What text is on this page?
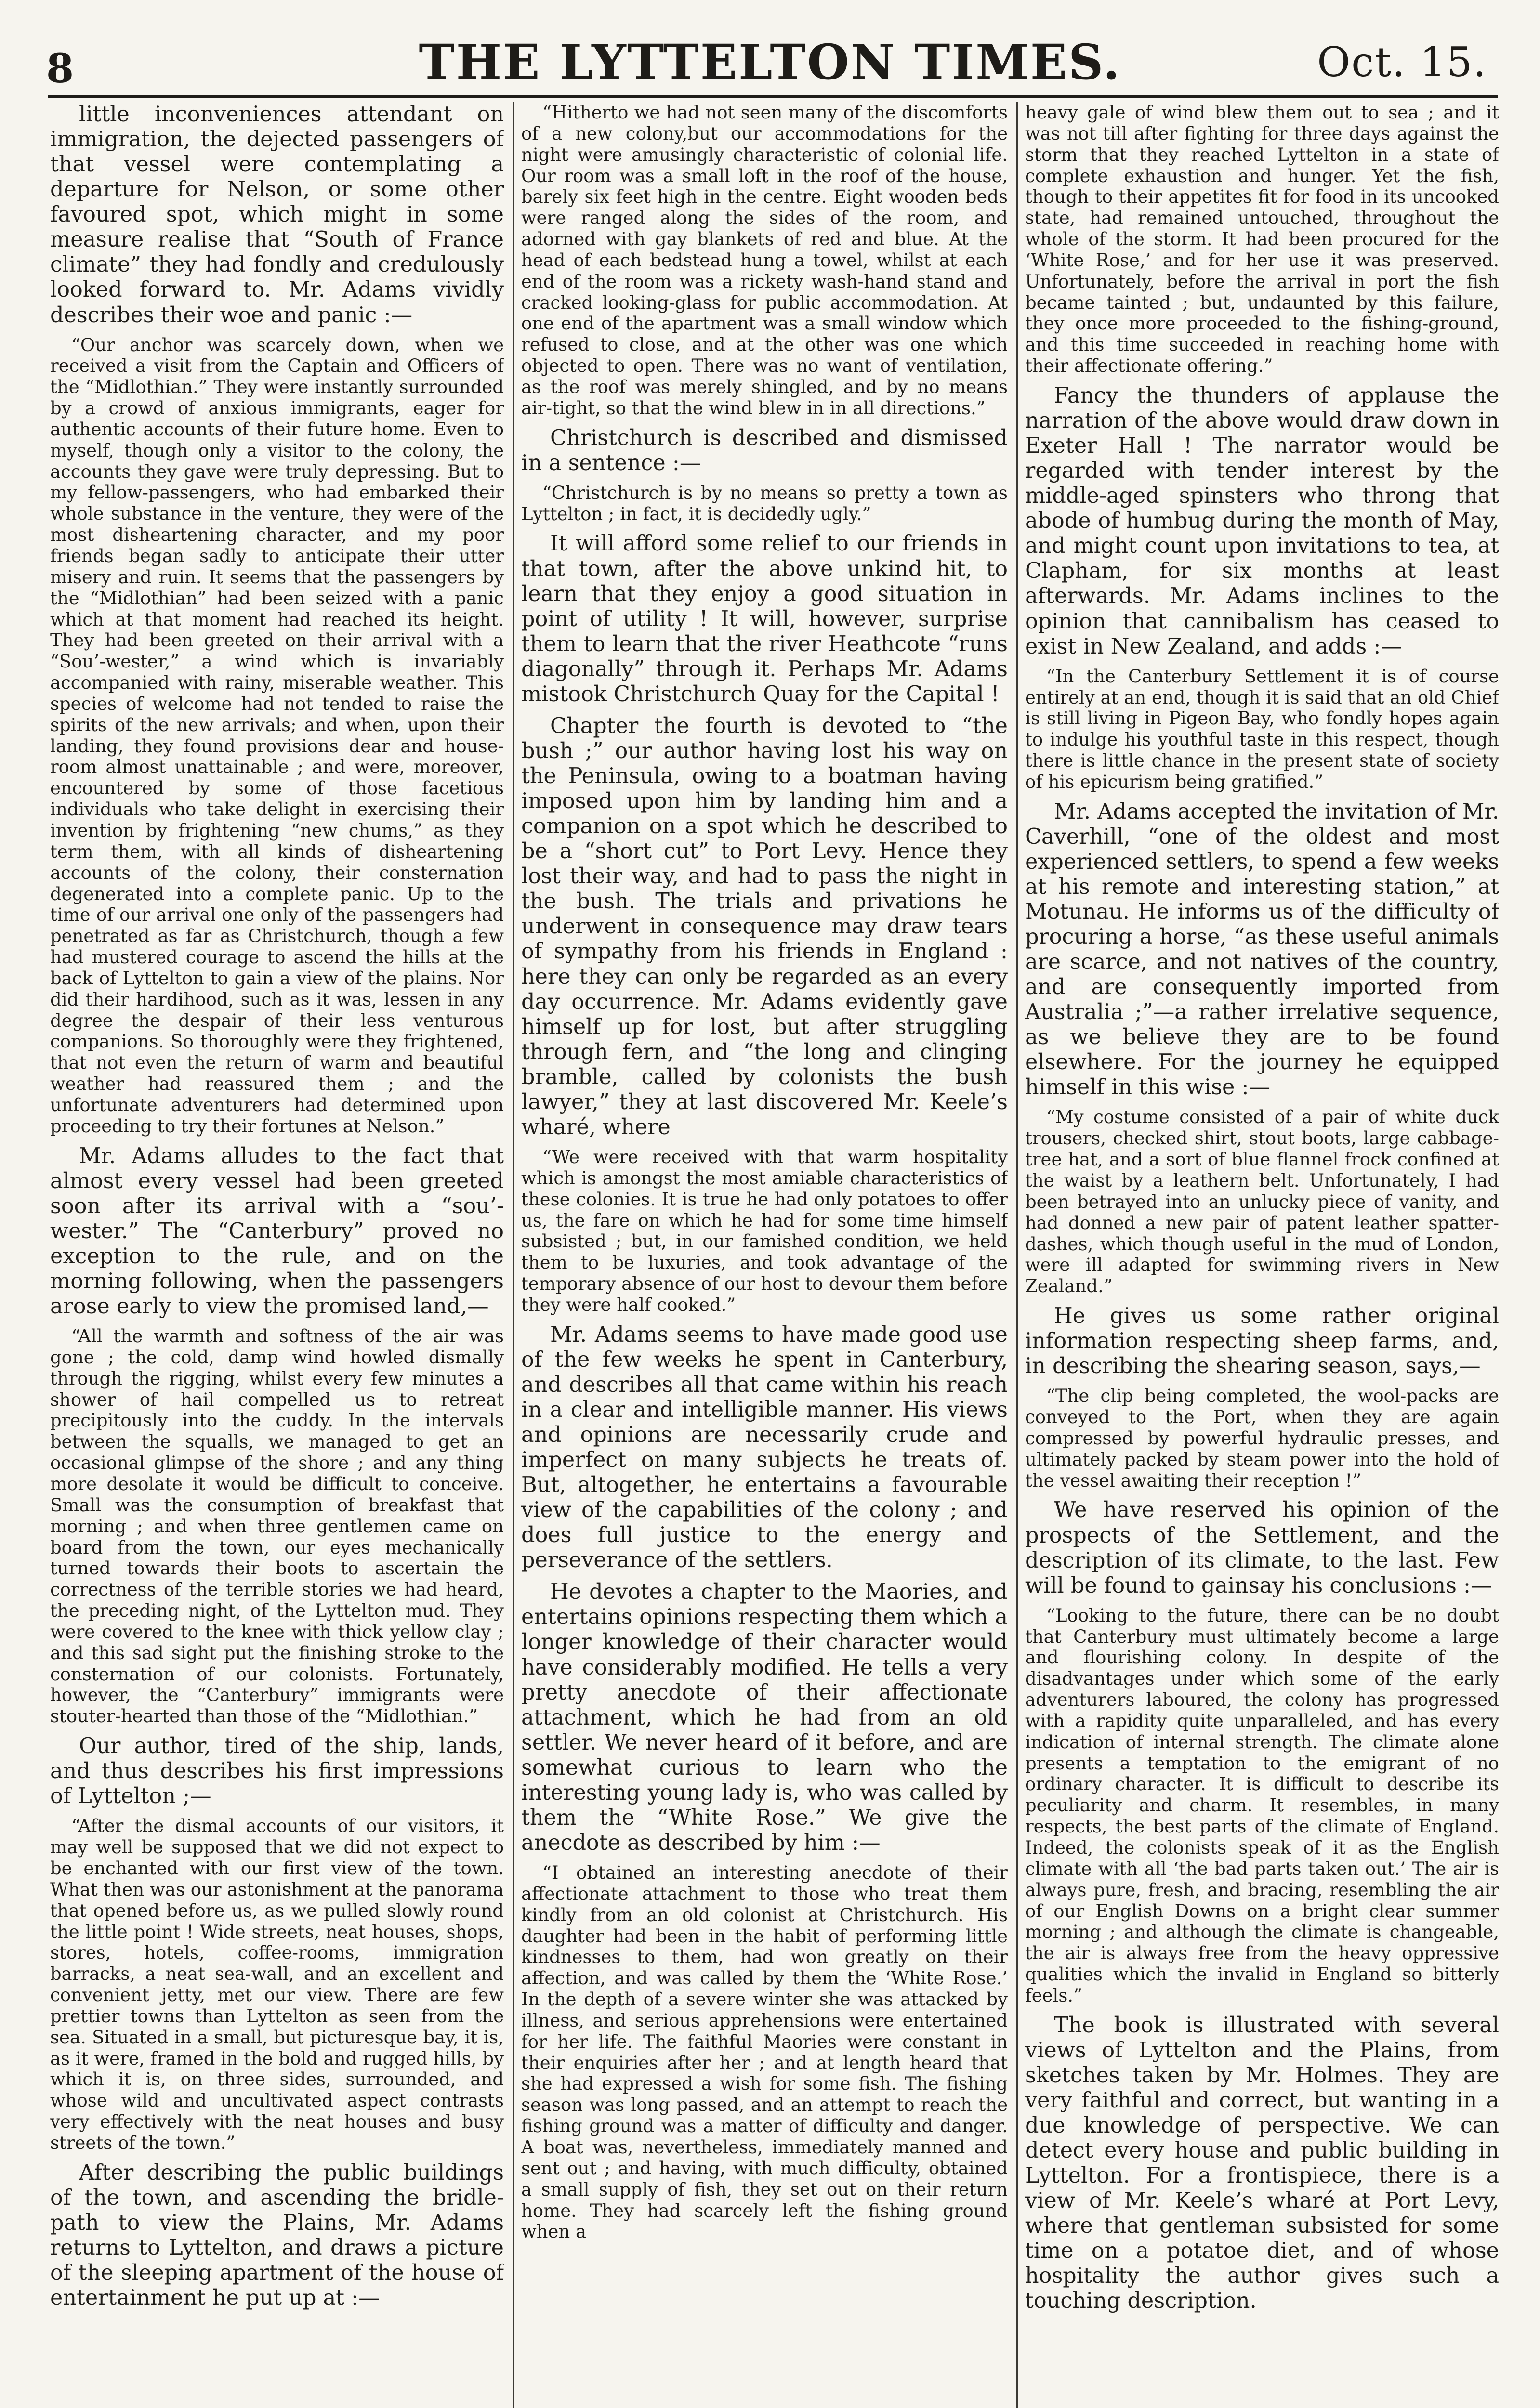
8	THE LYTTELTON TIMES.	Oct. 15.

little inconveniences attendant on immigration, the dejected passengers of that vessel were contemplating a departure for Nelson, or some other favoured spot, which might in some measure realise that “South of France climate” they had fondly and credulously looked forward to. Mr. Adams vividly describes their woe and panic :—

“Our anchor was scarcely down, when we received a visit from the Captain and Officers of the “Midlothian.” They were instantly surrounded by a crowd of anxious immigrants, eager for authentic accounts of their future home. Even to myself, though only a visitor to the colony, the accounts they gave were truly depressing. But to my fellow-passengers, who had embarked their whole substance in the venture, they were of the most disheartening character, and my poor friends began sadly to anticipate their utter misery and ruin. It seems that the passengers by the “Midlothian” had been seized with a panic which at that moment had reached its height. They had been greeted on their arrival with a “Sou’-wester,” a wind which is invariably accompanied with rainy, miserable weather. This species of welcome had not tended to raise the spirits of the new arrivals; and when, upon their landing, they found provisions dear and house-room almost unattainable ; and were, moreover, encountered by some of those facetious individuals who take delight in exercising their invention by frightening “new chums,” as they term them, with all kinds of disheartening accounts of the colony, their consternation degenerated into a complete panic. Up to the time of our arrival one only of the passengers had penetrated as far as Christchurch, though a few had mustered courage to ascend the hills at the back of Lyttelton to gain a view of the plains. Nor did their hardihood, such as it was, lessen in any degree the despair of their less venturous companions. So thoroughly were they frightened, that not even the return of warm and beautiful weather had reassured them ; and the unfortunate adventurers had determined upon proceeding to try their fortunes at Nelson.”

Mr. Adams alludes to the fact that almost every vessel had been greeted soon after its arrival with a “sou’-wester.” The “Canterbury” proved no exception to the rule, and on the morning following, when the passengers arose early to view the promised land,—

“All the warmth and softness of the air was gone ; the cold, damp wind howled dismally through the rigging, whilst every few minutes a shower of hail compelled us to retreat precipitously into the cuddy. In the intervals between the squalls, we managed to get an occasional glimpse of the shore ; and any thing more desolate it would be difficult to conceive. Small was the consumption of breakfast that morning ; and when three gentlemen came on board from the town, our eyes mechanically turned towards their boots to ascertain the correctness of the terrible stories we had heard, the preceding night, of the Lyttelton mud. They were covered to the knee with thick yellow clay ; and this sad sight put the finishing stroke to the consternation of our colonists. Fortunately, however, the “Canterbury” immigrants were stouter-hearted than those of the “Midlothian.”

Our author, tired of the ship, lands, and thus describes his first impressions of Lyttelton ;—

“After the dismal accounts of our visitors, it may well be supposed that we did not expect to be enchanted with our first view of the town. What then was our astonishment at the panorama that opened before us, as we pulled slowly round the little point ! Wide streets, neat houses, shops, stores, hotels, coffee-rooms, immigration barracks, a neat sea-wall, and an excellent and convenient jetty, met our view. There are few prettier towns than Lyttelton as seen from the sea. Situated in a small, but picturesque bay, it is, as it were, framed in the bold and rugged hills, by which it is, on three sides, surrounded, and whose wild and uncultivated aspect contrasts very effectively with the neat houses and busy streets of the town.”

After describing the public buildings of the town, and ascending the bridle-path to view the Plains, Mr. Adams returns to Lyttelton, and draws a picture of the sleeping apartment of the house of entertainment he put up at :—

“Hitherto we had not seen many of the discomforts of a new colony,but our accommodations for the night were amusingly characteristic of colonial life. Our room was a small loft in the roof of the house, barely six feet high in the centre. Eight wooden beds were ranged along the sides of the room, and adorned with gay blankets of red and blue. At the head of each bedstead hung a towel, whilst at each end of the room was a rickety wash-hand stand and cracked looking-glass for public accommodation. At one end of the apartment was a small window which refused to close, and at the other was one which objected to open. There was no want of ventilation, as the roof was merely shingled, and by no means air-tight, so that the wind blew in in all directions.”

Christchurch is described and dismissed in a sentence :—

“Christchurch is by no means so pretty a town as Lyttelton ; in fact, it is decidedly ugly.”

It will afford some relief to our friends in that town, after the above unkind hit, to learn that they enjoy a good situation in point of utility ! It will, however, surprise them to learn that the river Heathcote “runs diagonally” through it. Perhaps Mr. Adams mistook Christchurch Quay for the Capital !

Chapter the fourth is devoted to “the bush ;” our author having lost his way on the Peninsula, owing to a boatman having imposed upon him by landing him and a companion on a spot which he described to be a “short cut” to Port Levy. Hence they lost their way, and had to pass the night in the bush. The trials and privations he underwent in consequence may draw tears of sympathy from his friends in England : here they can only be regarded as an every day occurrence. Mr. Adams evidently gave himself up for lost, but after struggling through fern, and “the long and clinging bramble, called by colonists the bush lawyer,” they at last discovered Mr. Keele’s wharé, where

“We were received with that warm hospitality which is amongst the most amiable characteristics of these colonies. It is true he had only potatoes to offer us, the fare on which he had for some time himself subsisted ; but, in our famished condition, we held them to be luxuries, and took advantage of the temporary absence of our host to devour them before they were half cooked.”

Mr. Adams seems to have made good use of the few weeks he spent in Canterbury, and describes all that came within his reach in a clear and intelligible manner. His views and opinions are necessarily crude and imperfect on many subjects he treats of. But, altogether, he entertains a favourable view of the capabilities of the colony ; and does full justice to the energy and perseverance of the settlers.

He devotes a chapter to the Maories, and entertains opinions respecting them which a longer knowledge of their character would have considerably modified. He tells a very pretty anecdote of their affectionate attachment, which he had from an old settler. We never heard of it before, and are somewhat curious to learn who the interesting young lady is, who was called by them the “White Rose.” We give the anecdote as described by him :—

“I obtained an interesting anecdote of their affectionate attachment to those who treat them kindly from an old colonist at Christchurch. His daughter had been in the habit of performing little kindnesses to them, had won greatly on their affection, and was called by them the ‘White Rose.’ In the depth of a severe winter she was attacked by illness, and serious apprehensions were entertained for her life. The faithful Maories were constant in their enquiries after her ; and at length heard that she had expressed a wish for some fish. The fishing season was long passed, and an attempt to reach the fishing ground was a matter of difficulty and danger. A boat was, nevertheless, immediately manned and sent out ; and having, with much difficulty, obtained a small supply of fish, they set out on their return home. They had scarcely left the fishing ground when a

heavy gale of wind blew them out to sea ; and it was not till after fighting for three days against the storm that they reached Lyttelton in a state of complete exhaustion and hunger. Yet the fish, though to their appetites fit for food in its uncooked state, had remained untouched, throughout the whole of the storm. It had been procured for the ‘White Rose,’ and for her use it was preserved. Unfortunately, before the arrival in port the fish became tainted ; but, undaunted by this failure, they once more proceeded to the fishing-ground, and this time succeeded in reaching home with their affectionate offering.”

Fancy the thunders of applause the narration of the above would draw down in Exeter Hall ! The narrator would be regarded with tender interest by the middle-aged spinsters who throng that abode of humbug during the month of May, and might count upon invitations to tea, at Clapham, for six months at least afterwards. Mr. Adams inclines to the opinion that cannibalism has ceased to exist in New Zealand, and adds :—

“In the Canterbury Settlement it is of course entirely at an end, though it is said that an old Chief is still living in Pigeon Bay, who fondly hopes again to indulge his youthful taste in this respect, though there is little chance in the present state of society of his epicurism being gratified.”

Mr. Adams accepted the invitation of Mr. Caverhill, “one of the oldest and most experienced settlers, to spend a few weeks at his remote and interesting station,” at Motunau. He informs us of the difficulty of procuring a horse, “as these useful animals are scarce, and not natives of the country, and are consequently imported from Australia ;”—a rather irrelative sequence, as we believe they are to be found elsewhere. For the journey he equipped himself in this wise :—

“My costume consisted of a pair of white duck trousers, checked shirt, stout boots, large cabbage-tree hat, and a sort of blue flannel frock confined at the waist by a leathern belt. Unfortunately, I had been betrayed into an unlucky piece of vanity, and had donned a new pair of patent leather spatter-dashes, which though useful in the mud of London, were ill adapted for swimming rivers in New Zealand.”

He gives us some rather original information respecting sheep farms, and, in describing the shearing season, says,—

“The clip being completed, the wool-packs are conveyed to the Port, when they are again compressed by powerful hydraulic presses, and ultimately packed by steam power into the hold of the vessel awaiting their reception !”

We have reserved his opinion of the prospects of the Settlement, and the description of its climate, to the last. Few will be found to gainsay his conclusions :—

“Looking to the future, there can be no doubt that Canterbury must ultimately become a large and flourishing colony. In despite of the disadvantages under which some of the early adventurers laboured, the colony has progressed with a rapidity quite unparalleled, and has every indication of internal strength. The climate alone presents a temptation to the emigrant of no ordinary character. It is difficult to describe its peculiarity and charm. It resembles, in many respects, the best parts of the climate of England. Indeed, the colonists speak of it as the English climate with all ‘the bad parts taken out.’ The air is always pure, fresh, and bracing, resembling the air of our English Downs on a bright clear summer morning ; and although the climate is changeable, the air is always free from the heavy oppressive qualities which the invalid in England so bitterly feels.”

The book is illustrated with several views of Lyttelton and the Plains, from sketches taken by Mr. Holmes. They are very faithful and correct, but wanting in a due knowledge of perspective. We can detect every house and public building in Lyttelton. For a frontispiece, there is a view of Mr. Keele’s wharé at Port Levy, where that gentleman subsisted for some time on a potatoe diet, and of whose hospitality the author gives such a touching description.
